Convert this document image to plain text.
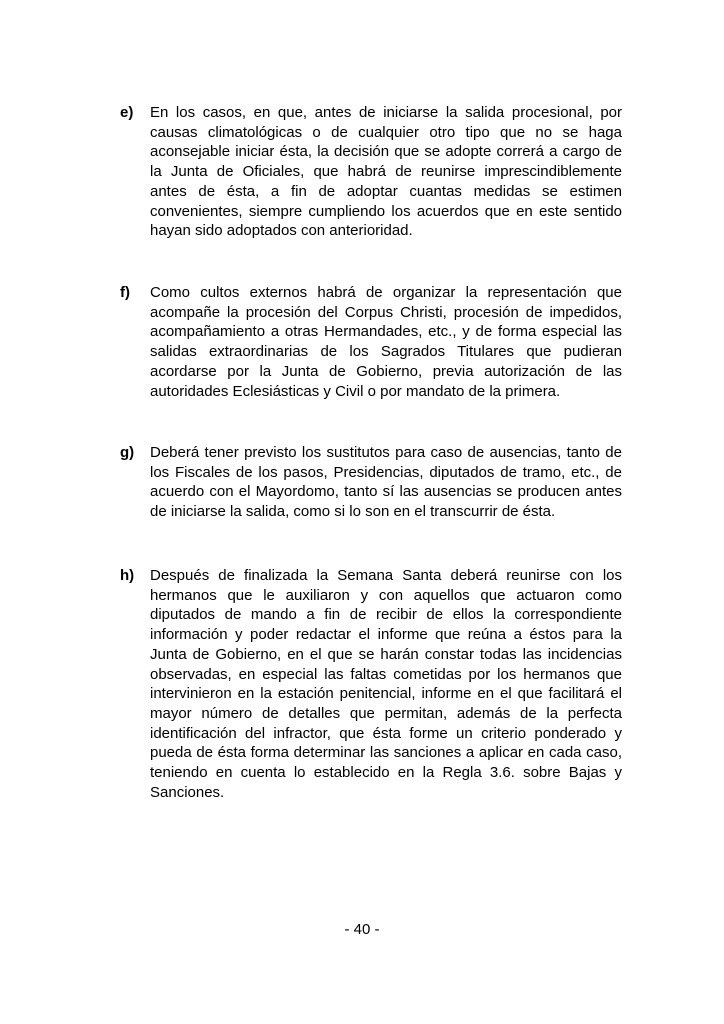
e) En los casos, en que, antes de iniciarse la salida procesional, por causas climatológicas o de cualquier otro tipo que no se haga aconsejable iniciar ésta, la decisión que se adopte correrá a cargo de la Junta de Oficiales, que habrá de reunirse imprescindiblemente antes de ésta, a fin de adoptar cuantas medidas se estimen convenientes, siempre cumpliendo los acuerdos que en este sentido hayan sido adoptados con anterioridad.
f) Como cultos externos habrá de organizar la representación que acompañe la procesión del Corpus Christi, procesión de impedidos, acompañamiento a otras Hermandades, etc., y de forma especial las salidas extraordinarias de los Sagrados Titulares que pudieran acordarse por la Junta de Gobierno, previa autorización de las autoridades Eclesiásticas y Civil o por mandato de la primera.
g) Deberá tener previsto los sustitutos para caso de ausencias, tanto de los Fiscales de los pasos, Presidencias, diputados de tramo, etc., de acuerdo con el Mayordomo, tanto sí las ausencias se producen antes de iniciarse la salida, como si lo son en el transcurrir de ésta.
h) Después de finalizada la Semana Santa deberá reunirse con los hermanos que le auxiliaron y con aquellos que actuaron como diputados de mando a fin de recibir de ellos la correspondiente información y poder redactar el informe que reúna a éstos para la Junta de Gobierno, en el que se harán constar todas las incidencias observadas, en especial las faltas cometidas por los hermanos que intervinieron en la estación penitencial, informe en el que facilitará el mayor número de detalles que permitan, además de la perfecta identificación del infractor, que ésta forme un criterio ponderado y pueda de ésta forma determinar las sanciones a aplicar en cada caso, teniendo en cuenta lo establecido en la Regla 3.6. sobre Bajas y Sanciones.
- 40 -
